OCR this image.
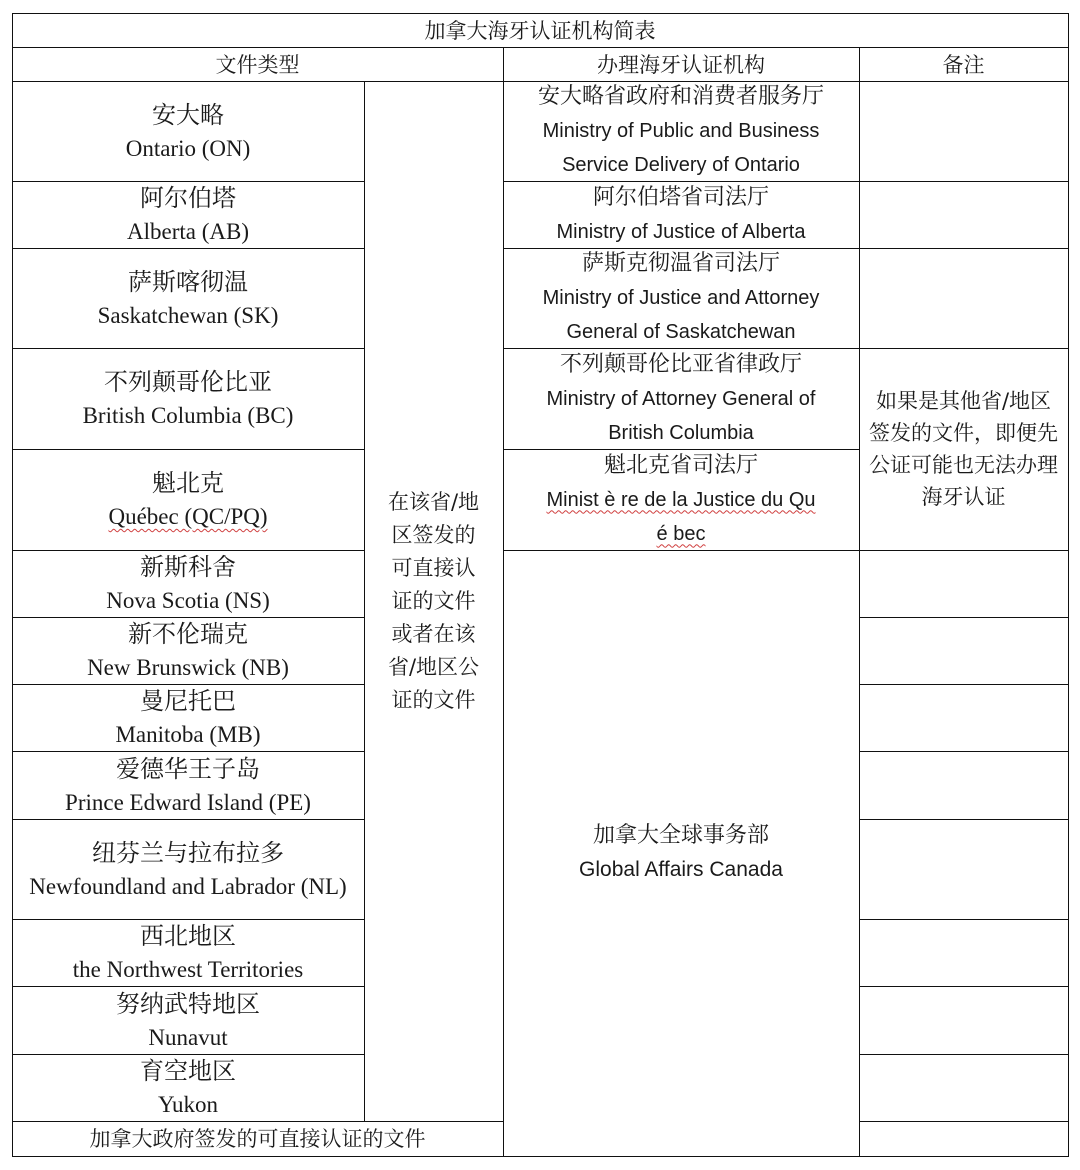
加拿大海牙认证机构简表
文件类型	办理海牙认证机构	备注
安大略
Ontario (ON)
阿尔伯塔
Alberta (AB)
萨斯喀彻温
Saskatchewan (SK)
不列颠哥伦比亚
British Columbia (BC)
魁北克
Québec (QC/PQ)
新斯科舍
Nova Scotia (NS)
新不伦瑞克
New Brunswick (NB)
曼尼托巴
Manitoba (MB)
爱德华王子岛
Prince Edward Island (PE)
纽芬兰与拉布拉多
Newfoundland and Labrador (NL)
西北地区
the Northwest Territories
努纳武特地区
Nunavut
育空地区
Yukon
在该省/地区签发的可直接认证的文件或者在该省/地区公证的文件
加拿大政府签发的可直接认证的文件
安大略省政府和消费者服务厅
Ministry of Public and Business Service Delivery of Ontario
阿尔伯塔省司法厅
Ministry of Justice of Alberta
萨斯克彻温省司法厅
Ministry of Justice and Attorney General of Saskatchewan
不列颠哥伦比亚省律政厅
Ministry of Attorney General of British Columbia
魁北克省司法厅
Minist è re de la Justice du Qu é bec
加拿大全球事务部
Global Affairs Canada
如果是其他省/地区签发的文件，即便先公证可能也无法办理海牙认证
